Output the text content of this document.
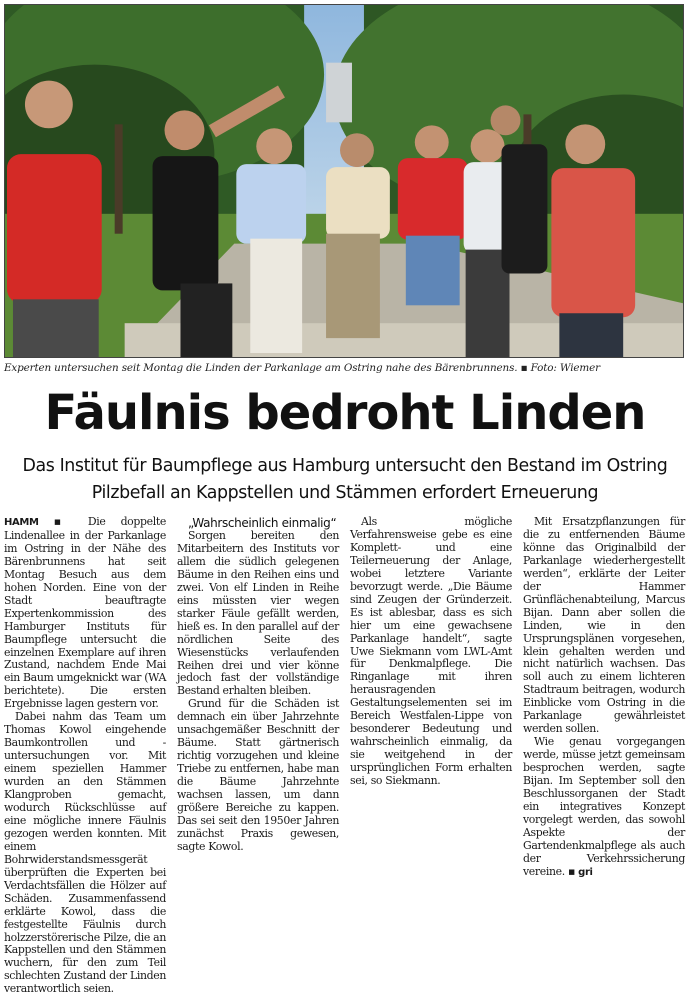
Experten untersuchen seit Montag die Linden der Parkanlage am Ostring nahe des Bärenbrunnens. ▪ Foto: Wiemer
Fäulnis bedroht Linden
Das Institut für Baumpflege aus Hamburg untersucht den Bestand im Ostring
Pilzbefall an Kappstellen und Stämmen erfordert Erneuerung

HAMM ▪ Die doppelte Lindenallee in der Parkanlage im Ostring in der Nähe des Bärenbrunnens hat seit Montag Besuch aus dem hohen Norden. Eine von der Stadt beauftragte Expertenkommission des Hamburger Instituts für Baumpflege untersucht die einzelnen Exemplare auf ihren Zustand, nachdem Ende Mai ein Baum umgeknickt war (WA berichtete). Die ersten Ergebnisse lagen gestern vor.

Dabei nahm das Team um Thomas Kowol eingehende Baumkontrollen und -untersuchungen vor. Mit einem speziellen Hammer wurden an den Stämmen Klangproben gemacht, wodurch Rückschlüsse auf eine mögliche innere Fäulnis gezogen werden konnten. Mit einem Bohrwiderstandsmessgerät überprüften die Experten bei Verdachtsfällen die Hölzer auf Schäden. Zusammenfassend erklärte Kowol, dass die festgestellte Fäulnis durch holzzerstörerische Pilze, die an Kappstellen und den Stämmen wuchern, für den zum Teil schlechten Zustand der Linden verantwortlich seien.

„Wahrscheinlich einmalig“

Sorgen bereiten den Mitarbeitern des Instituts vor allem die südlich gelegenen Bäume in den Reihen eins und zwei. Von elf Linden in Reihe eins müssten vier wegen starker Fäule gefällt werden, hieß es. In den parallel auf der nördlichen Seite des Wiesenstücks verlaufenden Reihen drei und vier könne jedoch fast der vollständige Bestand erhalten bleiben.

Grund für die Schäden ist demnach ein über Jahrzehnte unsachgemäßer Beschnitt der Bäume. Statt gärtnerisch richtig vorzugehen und kleine Triebe zu entfernen, habe man die Bäume Jahrzehnte wachsen lassen, um dann größere Bereiche zu kappen. Das sei seit den 1950er Jahren zunächst Praxis gewesen, sagte Kowol.

Als mögliche Verfahrensweise gebe es eine Komplett- und eine Teilerneuerung der Anlage, wobei letztere Variante bevorzugt werde. „Die Bäume sind Zeugen der Gründerzeit. Es ist ablesbar, dass es sich hier um eine gewachsene Parkanlage handelt“, sagte Uwe Siekmann vom LWL-Amt für Denkmalpflege. Die Ringanlage mit ihren herausragenden Gestaltungselementen sei im Bereich Westfalen-Lippe von besonderer Bedeutung und wahrscheinlich einmalig, da sie weitgehend in der ursprünglichen Form erhalten sei, so Siekmann.

Mit Ersatzpflanzungen für die zu entfernenden Bäume könne das Originalbild der Parkanlage wiederhergestellt werden“, erklärte der Leiter der Hammer Grünflächenabteilung, Marcus Bijan. Dann aber sollen die Linden, wie in den Ursprungsplänen vorgesehen, klein gehalten werden und nicht natürlich wachsen. Das soll auch zu einem lichteren Stadtraum beitragen, wodurch Einblicke vom Ostring in die Parkanlage gewährleistet werden sollen.

Wie genau vorgegangen werde, müsse jetzt gemeinsam besprochen werden, sagte Bijan. Im September soll den Beschlussorganen der Stadt ein integratives Konzept vorgelegt werden, das sowohl Aspekte der Gartendenkmalpflege als auch der Verkehrssicherung vereine. ▪ gri
